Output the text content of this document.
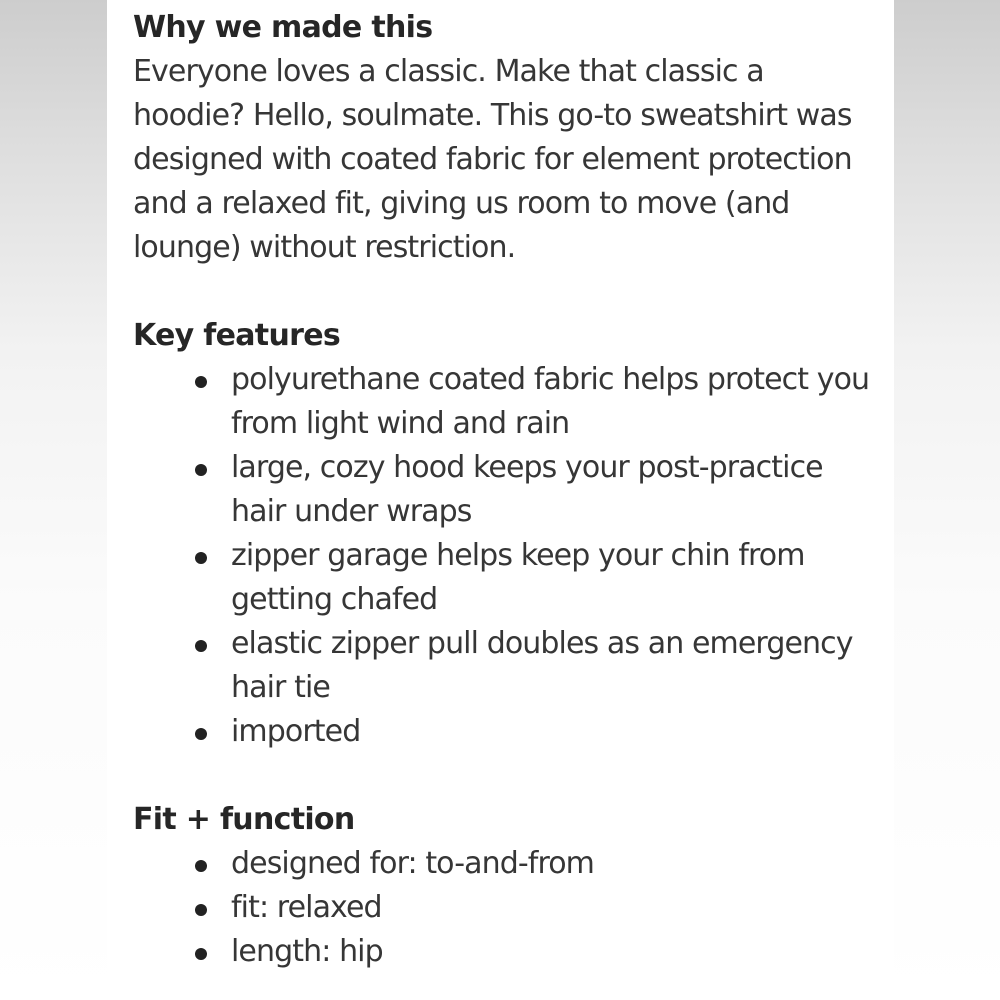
Why we made this

Everyone loves a classic. Make that classic a hoodie? Hello, soulmate. This go-to sweatshirt was designed with coated fabric for element protection and a relaxed fit, giving us room to move (and lounge) without restriction.

Key features
polyurethane coated fabric helps protect you from light wind and rain
large, cozy hood keeps your post-practice hair under wraps
zipper garage helps keep your chin from getting chafed
elastic zipper pull doubles as an emergency hair tie
imported
Fit + function
designed for: to-and-from
fit: relaxed
length: hip
